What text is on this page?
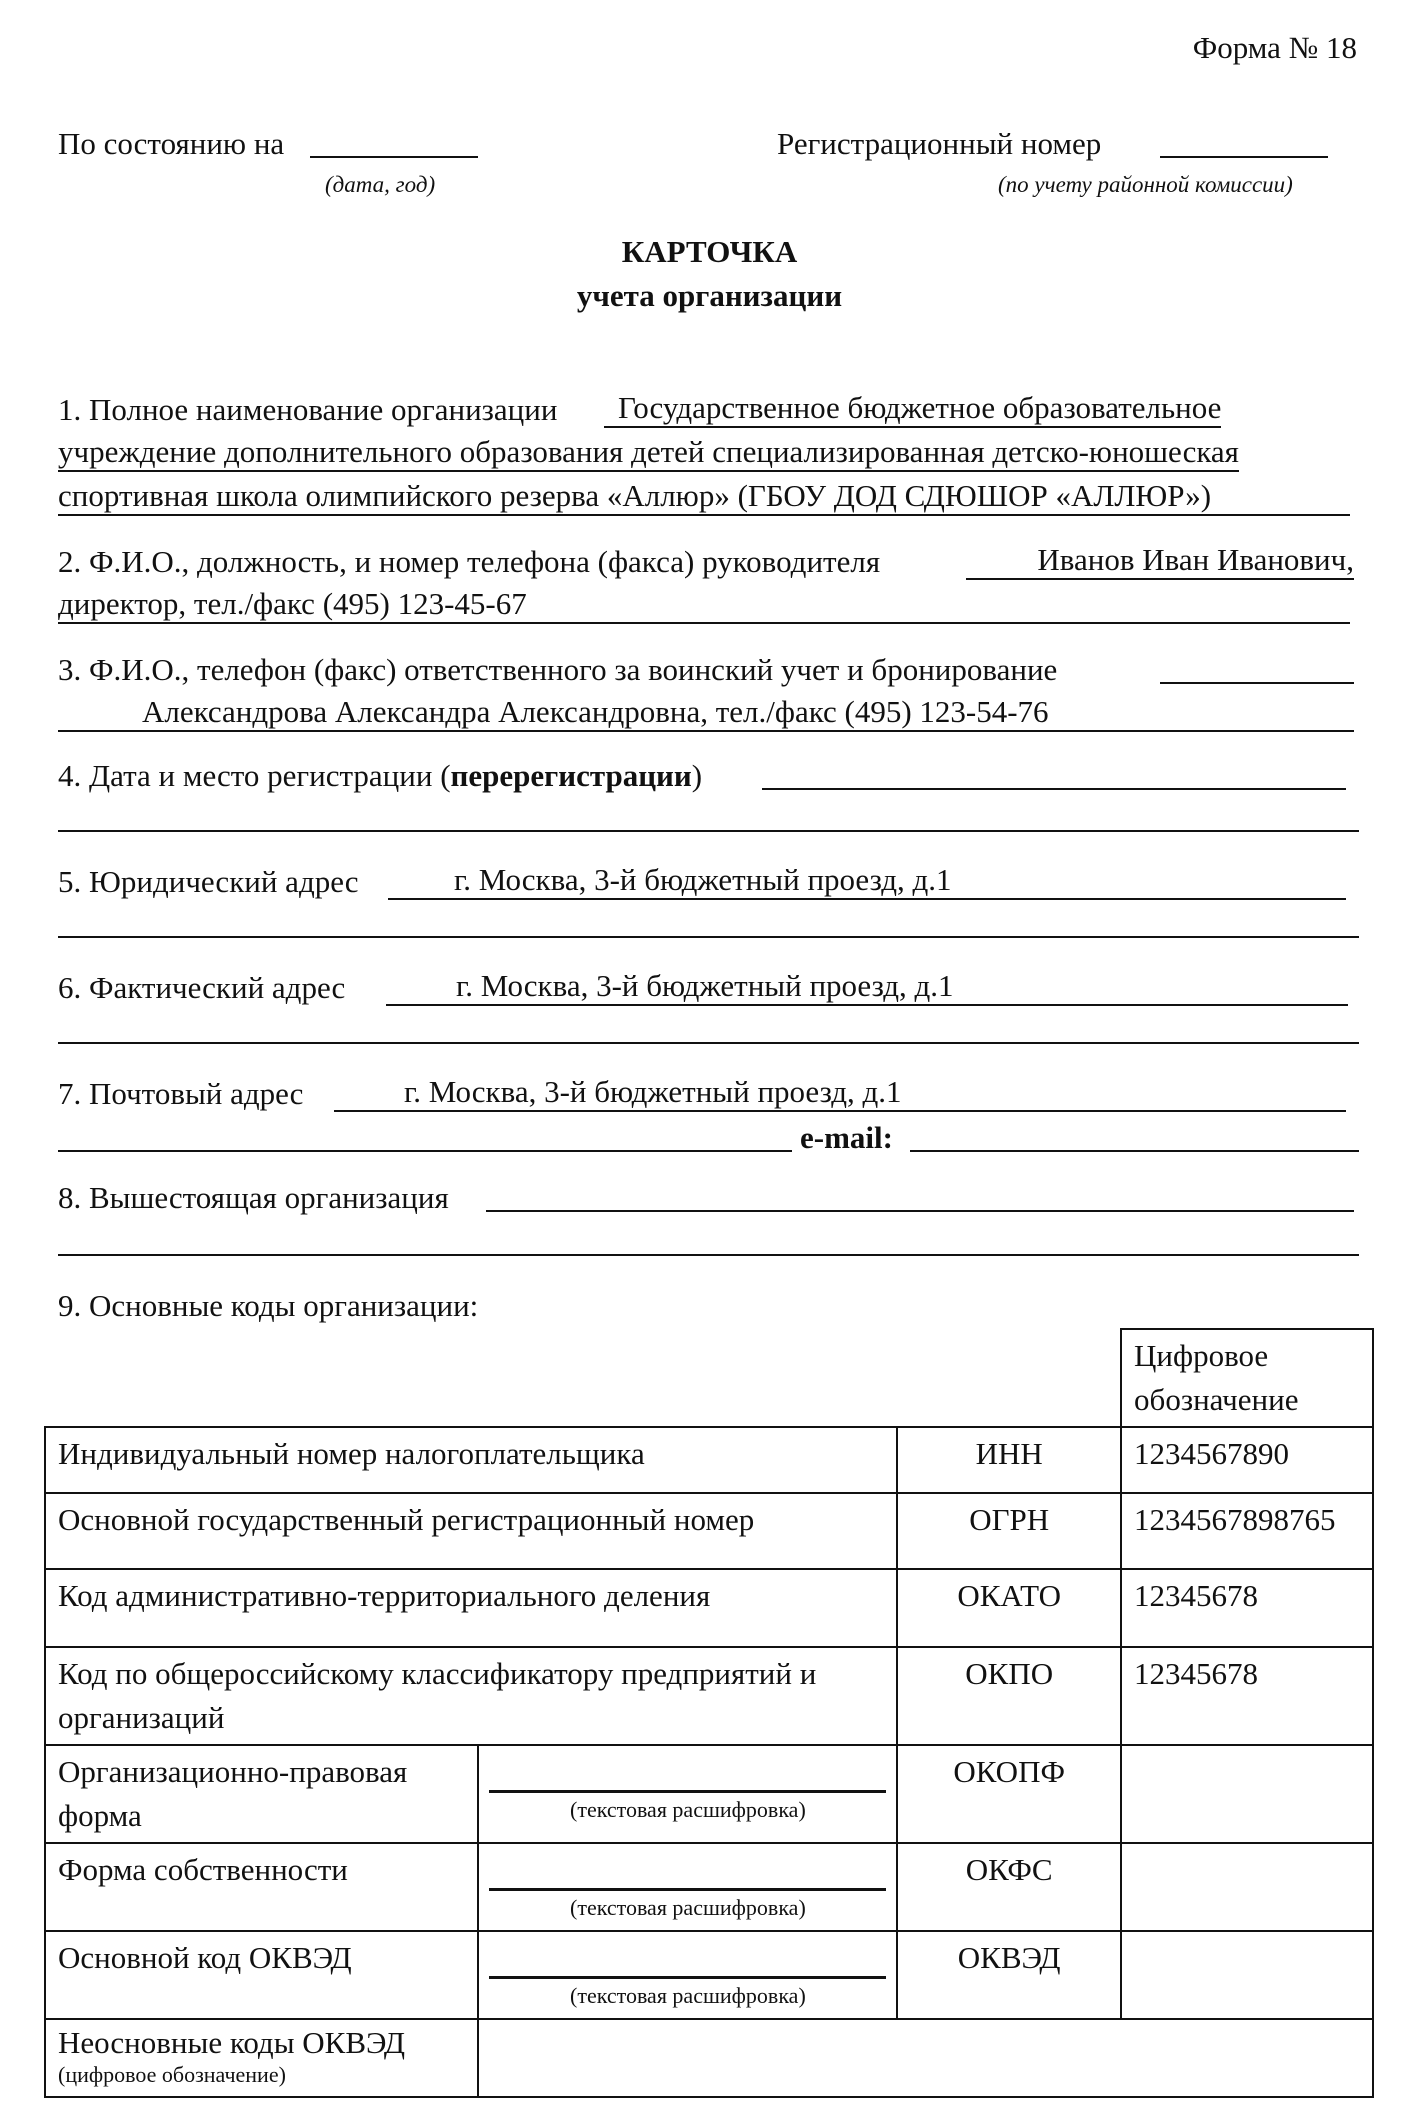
Форма № 18
По состоянию на
(дата, год)
Регистрационный номер
(по учету районной комиссии)
КАРТОЧКА
учета организации
1. Полное наименование организации	Государственное бюджетное образовательное
учреждение дополнительного образования детей специализированная детско-юношеская
спортивная школа олимпийского резерва «Аллюр» (ГБОУ ДОД СДЮШОР «АЛЛЮР»)
2. Ф.И.О., должность, и номер телефона (факса) руководителя	Иванов Иван Иванович,
директор, тел./факс (495) 123-45-67
3. Ф.И.О., телефон (факс) ответственного за воинский учет и бронирование
Александрова Александра Александровна, тел./факс (495) 123-54-76
4. Дата и место регистрации (перерегистрации)
5. Юридический адрес	г. Москва, 3-й бюджетный проезд, д.1
6. Фактический адрес	г. Москва, 3-й бюджетный проезд, д.1
7. Почтовый адрес	г. Москва, 3-й бюджетный проезд, д.1
e-mail:
8. Вышестоящая организация
9. Основные коды организации:
			Цифровое обозначение
Индивидуальный номер налогоплательщика		ИНН	1234567890
Основной государственный регистрационный номер		ОГРН	1234567898765
Код административно-территориального деления		ОКАТО	12345678
Код по общероссийскому классификатору предприятий и организаций		ОКПО	12345678
Организационно-правовая форма	(текстовая расшифровка)	ОКОПФ	
Форма собственности	(текстовая расшифровка)	ОКФС	
Основной код ОКВЭД	(текстовая расшифровка)	ОКВЭД	

Неосновные коды ОКВЭД
(цифровое обозначение)			
